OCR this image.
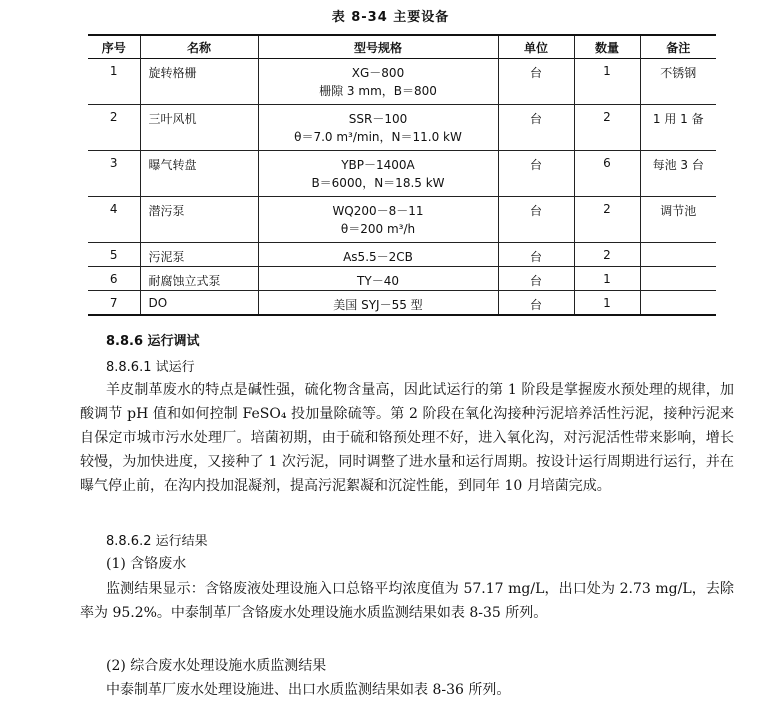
表 8-34 主要设备
序号	名称	型号规格	单位	数量	备注
1	旋转格栅	XG－800
栅隙 3 mm，B＝800	台	1	不锈钢
2	三叶风机	SSR－100
θ＝7.0 m³/min，N＝11.0 kW	台	2	1 用 1 备
3	曝气转盘	YBP－1400A
B＝6000，N＝18.5 kW	台	6	每池 3 台
4	潜污泵	WQ200－8－11
θ＝200 m³/h	台	2	调节池
5	污泥泵	As5.5－2CB	台	2	
6	耐腐蚀立式泵	TY－40	台	1	
7	DO	美国 SYJ－55 型	台	1	
8.8.6 运行调试
8.8.6.1 试运行

羊皮制革废水的特点是碱性强，硫化物含量高，因此试运行的第 1 阶段是掌握废水预处理的规律，加酸调节 pH 值和如何控制 FeSO₄ 投加量除硫等。第 2 阶段在氧化沟接种污泥培养活性污泥，接种污泥来自保定市城市污水处理厂。培菌初期，由于硫和铬预处理不好，进入氧化沟，对污泥活性带来影响，增长较慢，为加快进度，又接种了 1 次污泥，同时调整了进水量和运行周期。按设计运行周期进行运行，并在曝气停止前，在沟内投加混凝剂，提高污泥絮凝和沉淀性能，到同年 10 月培菌完成。

8.8.6.2 运行结果
(1) 含铬废水

监测结果显示：含铬废液处理设施入口总铬平均浓度值为 57.17 mg/L，出口处为 2.73 mg/L，去除率为 95.2%。中泰制革厂含铬废水处理设施水质监测结果如表 8-35 所列。

(2) 综合废水处理设施水质监测结果

中泰制革厂废水处理设施进、出口水质监测结果如表 8-36 所列。
